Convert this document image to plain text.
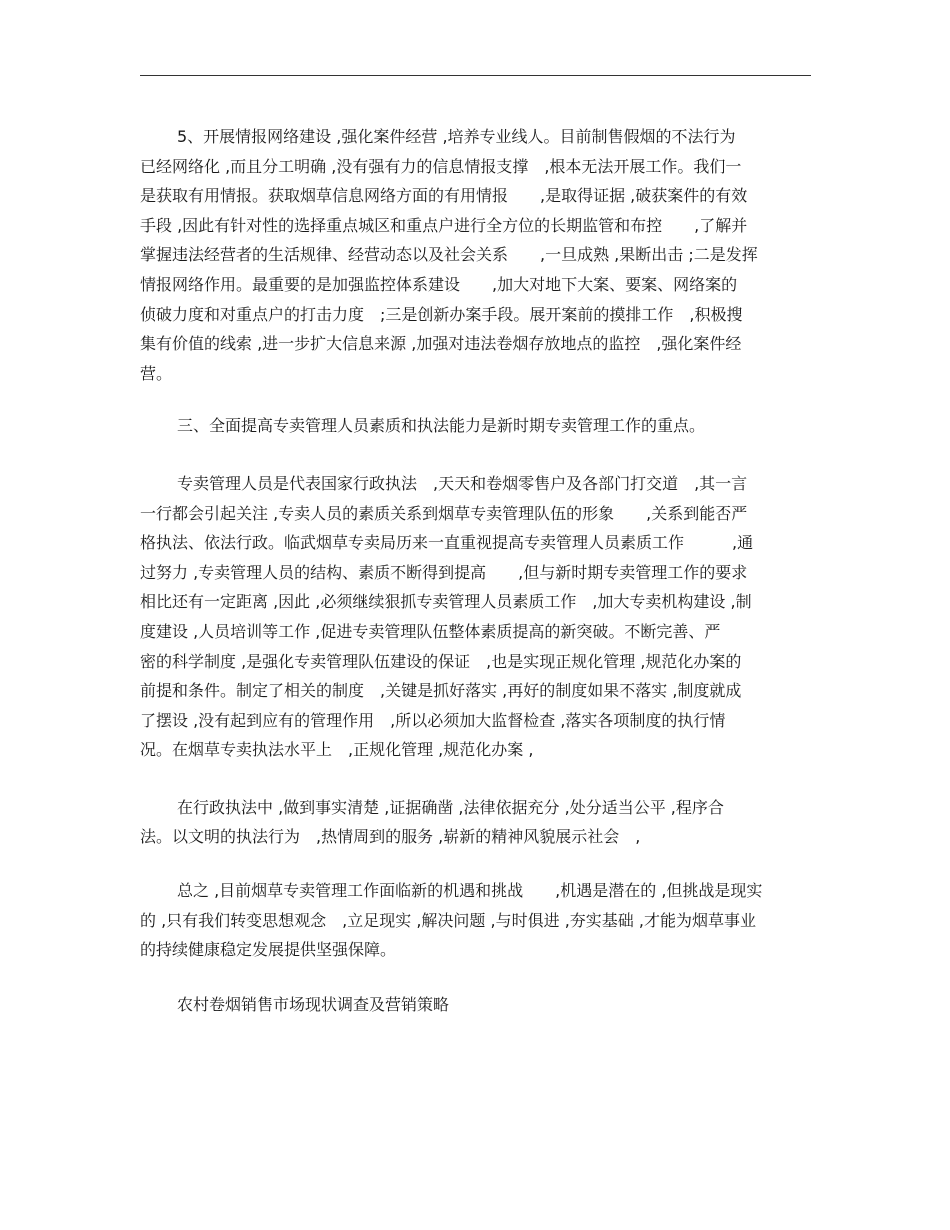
5、开展情报网络建设 ,强化案件经营 ,培养专业线人。目前制售假烟的不法行为
已经网络化 ,而且分工明确 ,没有强有力的信息情报支撑　,根本无法开展工作。我们一
是获取有用情报。获取烟草信息网络方面的有用情报　　,是取得证据 ,破获案件的有效
手段 ,因此有针对性的选择重点城区和重点户进行全方位的长期监管和布控　　,了解并
掌握违法经营者的生活规律、经营动态以及社会关系　　,一旦成熟 ,果断出击 ;二是发挥
情报网络作用。最重要的是加强监控体系建设　　,加大对地下大案、要案、网络案的
侦破力度和对重点户的打击力度　;三是创新办案手段。展开案前的摸排工作　,积极搜
集有价值的线索 ,进一步扩大信息来源 ,加强对违法卷烟存放地点的监控　,强化案件经
营。
三、全面提高专卖管理人员素质和执法能力是新时期专卖管理工作的重点。
专卖管理人员是代表国家行政执法　,天天和卷烟零售户及各部门打交道　,其一言
一行都会引起关注 ,专卖人员的素质关系到烟草专卖管理队伍的形象　　,关系到能否严
格执法、依法行政。临武烟草专卖局历来一直重视提高专卖管理人员素质工作　　　,通
过努力 ,专卖管理人员的结构、素质不断得到提高　　,但与新时期专卖管理工作的要求
相比还有一定距离 ,因此 ,必须继续狠抓专卖管理人员素质工作　,加大专卖机构建设 ,制
度建设 ,人员培训等工作 ,促进专卖管理队伍整体素质提高的新突破。不断完善、严
密的科学制度 ,是强化专卖管理队伍建设的保证　,也是实现正规化管理 ,规范化办案的
前提和条件。制定了相关的制度　,关键是抓好落实 ,再好的制度如果不落实 ,制度就成
了摆设 ,没有起到应有的管理作用　,所以必须加大监督检查 ,落实各项制度的执行情
况。在烟草专卖执法水平上　,正规化管理 ,规范化办案 ,
在行政执法中 ,做到事实清楚 ,证据确凿 ,法律依据充分 ,处分适当公平 ,程序合
法。以文明的执法行为　,热情周到的服务 ,崭新的精神风貌展示社会　,
总之 ,目前烟草专卖管理工作面临新的机遇和挑战　　,机遇是潜在的 ,但挑战是现实
的 ,只有我们转变思想观念　,立足现实 ,解决问题 ,与时俱进 ,夯实基础 ,才能为烟草事业
的持续健康稳定发展提供坚强保障。
农村卷烟销售市场现状调查及营销策略
